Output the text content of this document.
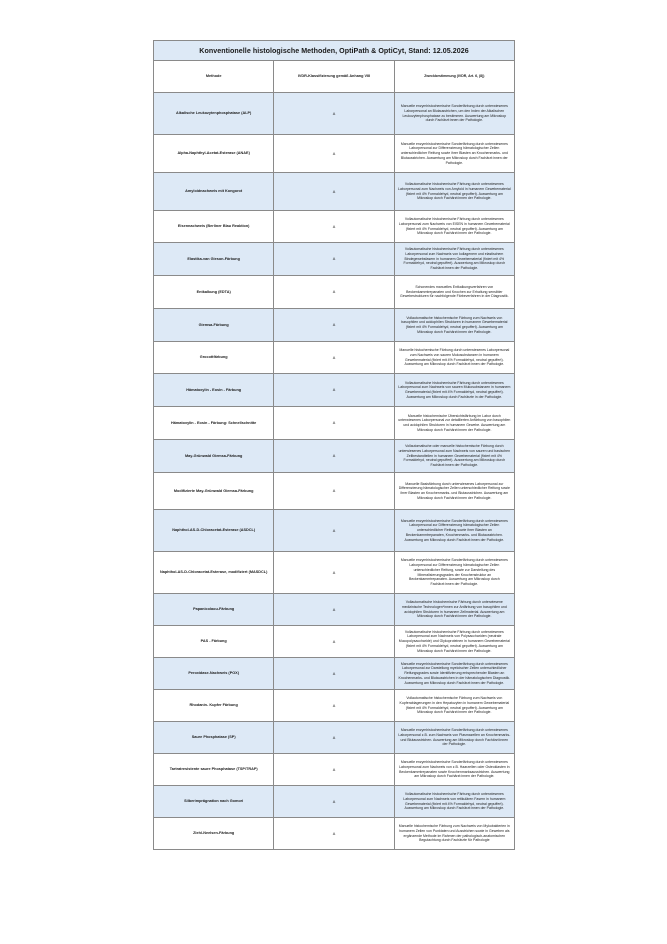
Konventionelle histologische Methoden, OptiPath & OptiCyt, Stand: 12.05.2026		
Methode	IVDR-Klassifizierung gemäß Anhang VIII	Zweckbestimmung (IVDR, Art. 6, (8))
Alkalische Leukozytenphosphatase (ALP)	A	Manuelle enzymhistochemische Sonderfärbung durch unterwiesenes Laborpersonal an Blutausstrichen, um den Index der Alkalischen Leukozytenphosphatase zu bestimmen. Auswertung am Mikroskop durch Fachärzt:innen der Pathologie.
Alpha-Naphthyl-Acetat-Esterase (ANAE)	A	Manuelle enzymhistochemische Sonderfärbung durch unterwiesenes Laborpersonal zur Differenzierung hämatologischer Zellen unterschiedlicher Reifung sowie ihrer Blasten an Knochenmarks- und Blutausstrichen. Auswertung am Mikroskop durch Fachärzt:innen der Pathologie.
Amyloidnachweis mit Kongorot	A	Vollautomatische histochemische Färbung durch unterwiesenes Laborpersonal zum Nachweis von Amyloid in humanem Gewebematerial (fixiert mit 4% Formaldehyd, neutral gepuffert). Auswertung am Mikroskop durch Fachärzt:innen der Pathologie.
Eisennachweis (Berliner Blau Reaktion)	A	Vollautomatische histochemische Färbung durch unterwiesenes Laborpersonal zum Nachweis von EISEN in humanem Gewebematerial (fixiert mit 4% Formaldehyd, neutral gepuffert). Auswertung am Mikroskop durch Fachärzt:innen der Pathologie.
Elastika-van Gieson-Färbung	A	Vollautomatische histochemische Färbung durch unterwiesenes Laborpersonal zum Nachweis von kollagenem und elastischem Bindegewebsfasern in humanem Gewebematerial (fixiert mit 4% Formaldehyd, neutral gepuffert). Auswertung am Mikroskop durch Fachärzt:innen der Pathologie.
Entkalkung (EDTA)	A	Schonendes manuelles Entkalkungsverfahren von Beckenkammtrepanaten und Knochen zur Erhaltung sensibler Gewebestrukturen für nachfolgende Färbeverfahren in der Diagnostik.
Giemsa-Färbung	A	Vollautomatische histochemische Färbung zum Nachweis von basophilen und acidophilen Strukturen in humanem Gewebematerial (fixiert mit 4% Formaldehyd, neutral gepuffert). Auswertung am Mikroskop durch Fachärzt:innen der Pathologie.
Grocottfärbung	A	Manuelle histochemische Färbung durch unterwiesenes Laborpersonal zum Nachweis von sauren Mukosubstanzen in humanem Gewebematerial (fixiert mit 4% Formaldehyd, neutral gepuffert). Auswertung am Mikroskop durch Fachärzt:innen der Pathologie.
Hämatoxylin - Eosin - Färbung	A	Vollautomatische histochemische Färbung durch unterwiesenes Laborpersonal zum Nachweis von sauren Mukosubstanzen in humanem Gewebematerial (fixiert mit 4% Formaldehyd, neutral gepuffert). Auswertung am Mikroskop durch Fachärzte in der Pathologie.
Hämatoxylin - Eosin - Färbung: Schnellschnitte	A	Manuelle histochemische Übersichtsfärbung im Labor durch unterwiesenes Laborpersonal zur detaillierten Anfärbung von basophilen und acidophilen Strukturen in humanem Gewebe. Auswertung am Mikroskop durch Fachärzt:innen der Pathologie.
May-Grünwald Giemsa-Färbung	A	Vollautomatische oder manuelle histochemische Färbung durch unterwiesenes Laborpersonal zum Nachweis von sauren und basischen Zellbestandteilen in humanem Gewebematerial (fixiert mit 4% Formaldehyd, neutral gepuffert). Auswertung am Mikroskop durch Fachärzt:innen der Pathologie.
Modifizierte May-Grünwald Giemsa-Färbung	A	Manuelle Basisfärbung durch unterwiesenes Laborpersonal zur Differenzierung hämatologischer Zellen unterschiedlicher Reifung sowie ihrer Blasten an Knochenmarks- und Blutausstrichen. Auswertung am Mikroskop durch Fachärzt:innen der Pathologie.
Naphthol-AS-D-Chloracetat-Esterase (ASDCL)	A	Manuelle enzymhistochemische Sonderfärbung durch unterwiesenes Laborpersonal zur Differenzierung hämatologischer Zellen unterschiedlicher Reifung sowie ihrer Blasten an Beckenkammtrepanaten, Knochenmarks- und Blutausstrichen. Auswertung am Mikroskop durch Fachärzt:innen der Pathologie.
Naphthol-AS-D-Chloracetat-Esterase, modifiziert (MASDCL)	A	Manuelle enzymhistochemische Sonderfärbung durch unterwiesenes Laborpersonal zur Differenzierung hämatologischer Zellen unterschiedlicher Reifung, sowie zur Darstellung des Mineralisierungsgrades der Knochenstruktur an Beckenkammtrepanaten. Auswertung am Mikroskop durch Fachärzt:innen der Pathologie.
Papanicolaou-Färbung	A	Vollautomatische histochemische Färbung durch unterwiesene medizinische Technologen*innen zur Anfärbung von basophilen und acidophilen Strukturen in humanem Zellmaterial. Auswertung am Mikroskop durch Fachärzt:innen der Pathologie.
PAS - Färbung	A	Vollautomatische histochemische Färbung durch unterwiesenes Laborpersonal zum Nachweis von Polysacchariden (neutrale Mucopolysaccharide) und Glykoproteinen in humanem Gewebematerial (fixiert mit 4% Formaldehyd, neutral gepuffert). Auswertung am Mikroskop durch Fachärzt:innen der Pathologie.
Peroxidase-Nachweis (POX)	A	Manuelle enzymhistochemische Sonderfärbung durch unterwiesenes Laborpersonal zur Darstellung myeloischer Zellen unterschiedlicher Reifungsgrades sowie Identifizierung entsprechender Blasten an Knochenmarks- und Blutausstrichen in der hämatologischen Diagnostik. Auswertung am Mikroskop durch Fachärzt:innen der Pathologie.
Rhodanin- Kupfer Färbung	A	Vollautomatische histochemische Färbung zum Nachweis von Kupferablagerungen in den Hepatozyten in humanem Gewebematerial (fixiert mit 4% Formaldehyd, neutral gepuffert). Auswertung am Mikroskop durch Fachärzt:innen der Pathologie.
Saure Phosphatase (SP)	A	Manuelle enzymhistochemische Sonderfärbung durch unterwiesenes Laborpersonal z.B. zum Nachweis von Plasmazellen an Knochenmarks- und Blutausstrichen. Auswertung am Mikroskop durch Fachärzt:innen der Pathologie.
Tartratresistente saure Phosphatase (TSP/TRAP)	A	Manuelle enzymhistochemische Sonderfärbung durch unterwiesenes Laborpersonal zum Nachweis von z.B. Haarzellen oder Osteoklasten in Beckenkammtrepanaten sowie Knochenmarksausstrichen. Auswertung am Mikroskop durch Fachärzt:innen der Pathologie.
Silberimprägnation nach Gomori	A	Vollautomatische histochemische Färbung durch unterwiesenes Laborpersonal zum Nachweis von retikulären Fasern in humanem Gewebematerial (fixiert mit 4% Formaldehyd, neutral gepuffert). Auswertung am Mikroskop durch Fachärzt:innen der Pathologie.
Ziehl-Neelsen-Färbung	A	Manuelle histochemische Färbung zum Nachweis von Mykobakterien in humanem Zellen von Punktaten und Ausstrichen sowie in Geweben als ergänzende Methode im Rahmen der pathologisch-anatomischen Begutachtung durch Fachärzte für Pathologie
